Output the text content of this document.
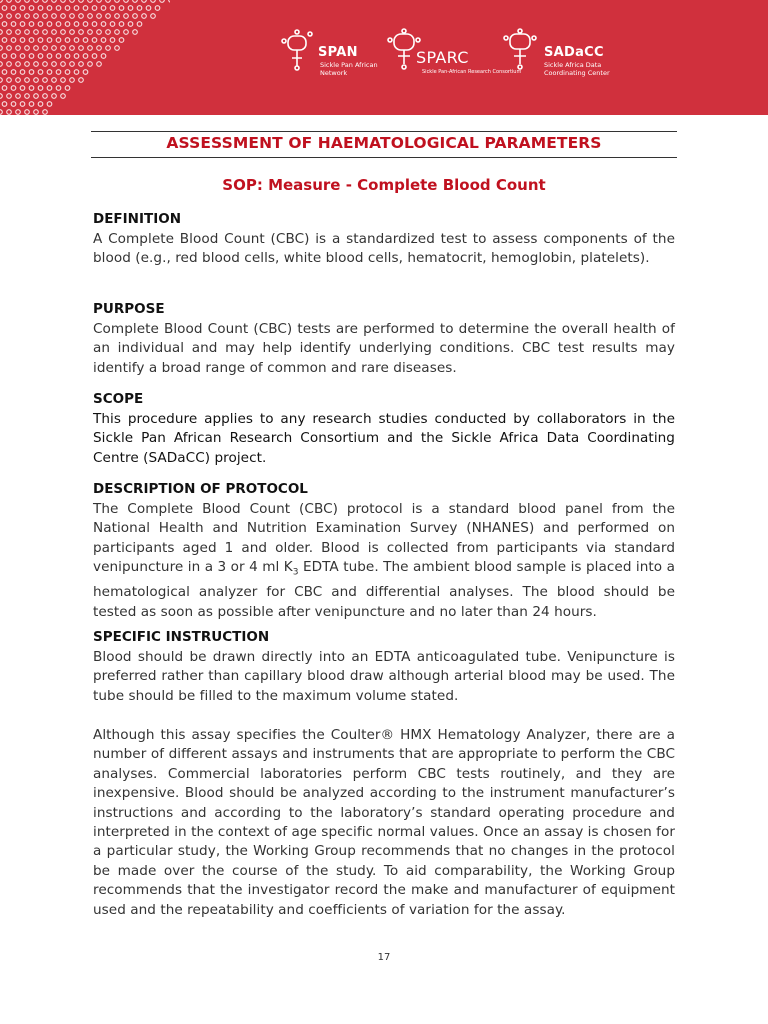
SPAN
Sickle Pan African
Network
SPARC
Sickle Pan-African Research Consortium
SADaCC
Sickle Africa Data
Coordinating Center
ASSESSMENT OF HAEMATOLOGICAL PARAMETERS
SOP: Measure - Complete Blood Count
DEFINITION
A Complete Blood Count (CBC) is a standardized test to assess components of the blood (e.g., red blood cells, white blood cells, hematocrit, hemoglobin, platelets).
PURPOSE
Complete Blood Count (CBC) tests are performed to determine the overall health of an individual and may help identify underlying conditions. CBC test results may identify a broad range of common and rare diseases.
SCOPE
This procedure applies to any research studies conducted by collaborators in the Sickle Pan African Research Consortium and the Sickle Africa Data Coordinating Centre (SADaCC) project.
DESCRIPTION OF PROTOCOL
The Complete Blood Count (CBC) protocol is a standard blood panel from the National Health and Nutrition Examination Survey (NHANES) and performed on participants aged 1 and older. Blood is collected from participants via standard venipuncture in a 3 or 4 ml $K_3$ EDTA tube. The ambient blood sample is placed into a hematological analyzer for CBC and differential analyses. The blood should be tested as soon as possible after venipuncture and no later than 24 hours.
SPECIFIC INSTRUCTION
Blood should be drawn directly into an EDTA anticoagulated tube. Venipuncture is preferred rather than capillary blood draw although arterial blood may be used. The tube should be filled to the maximum volume stated.
Although this assay specifies the Coulter® HMX Hematology Analyzer, there are a number of different assays and instruments that are appropriate to perform the CBC analyses. Commercial laboratories perform CBC tests routinely, and they are inexpensive. Blood should be analyzed according to the instrument manufacturer’s instructions and according to the laboratory’s standard operating procedure and interpreted in the context of age specific normal values. Once an assay is chosen for a particular study, the Working Group recommends that no changes in the protocol be made over the course of the study. To aid comparability, the Working Group recommends that the investigator record the make and manufacturer of equipment used and the repeatability and coefficients of variation for the assay.
17
